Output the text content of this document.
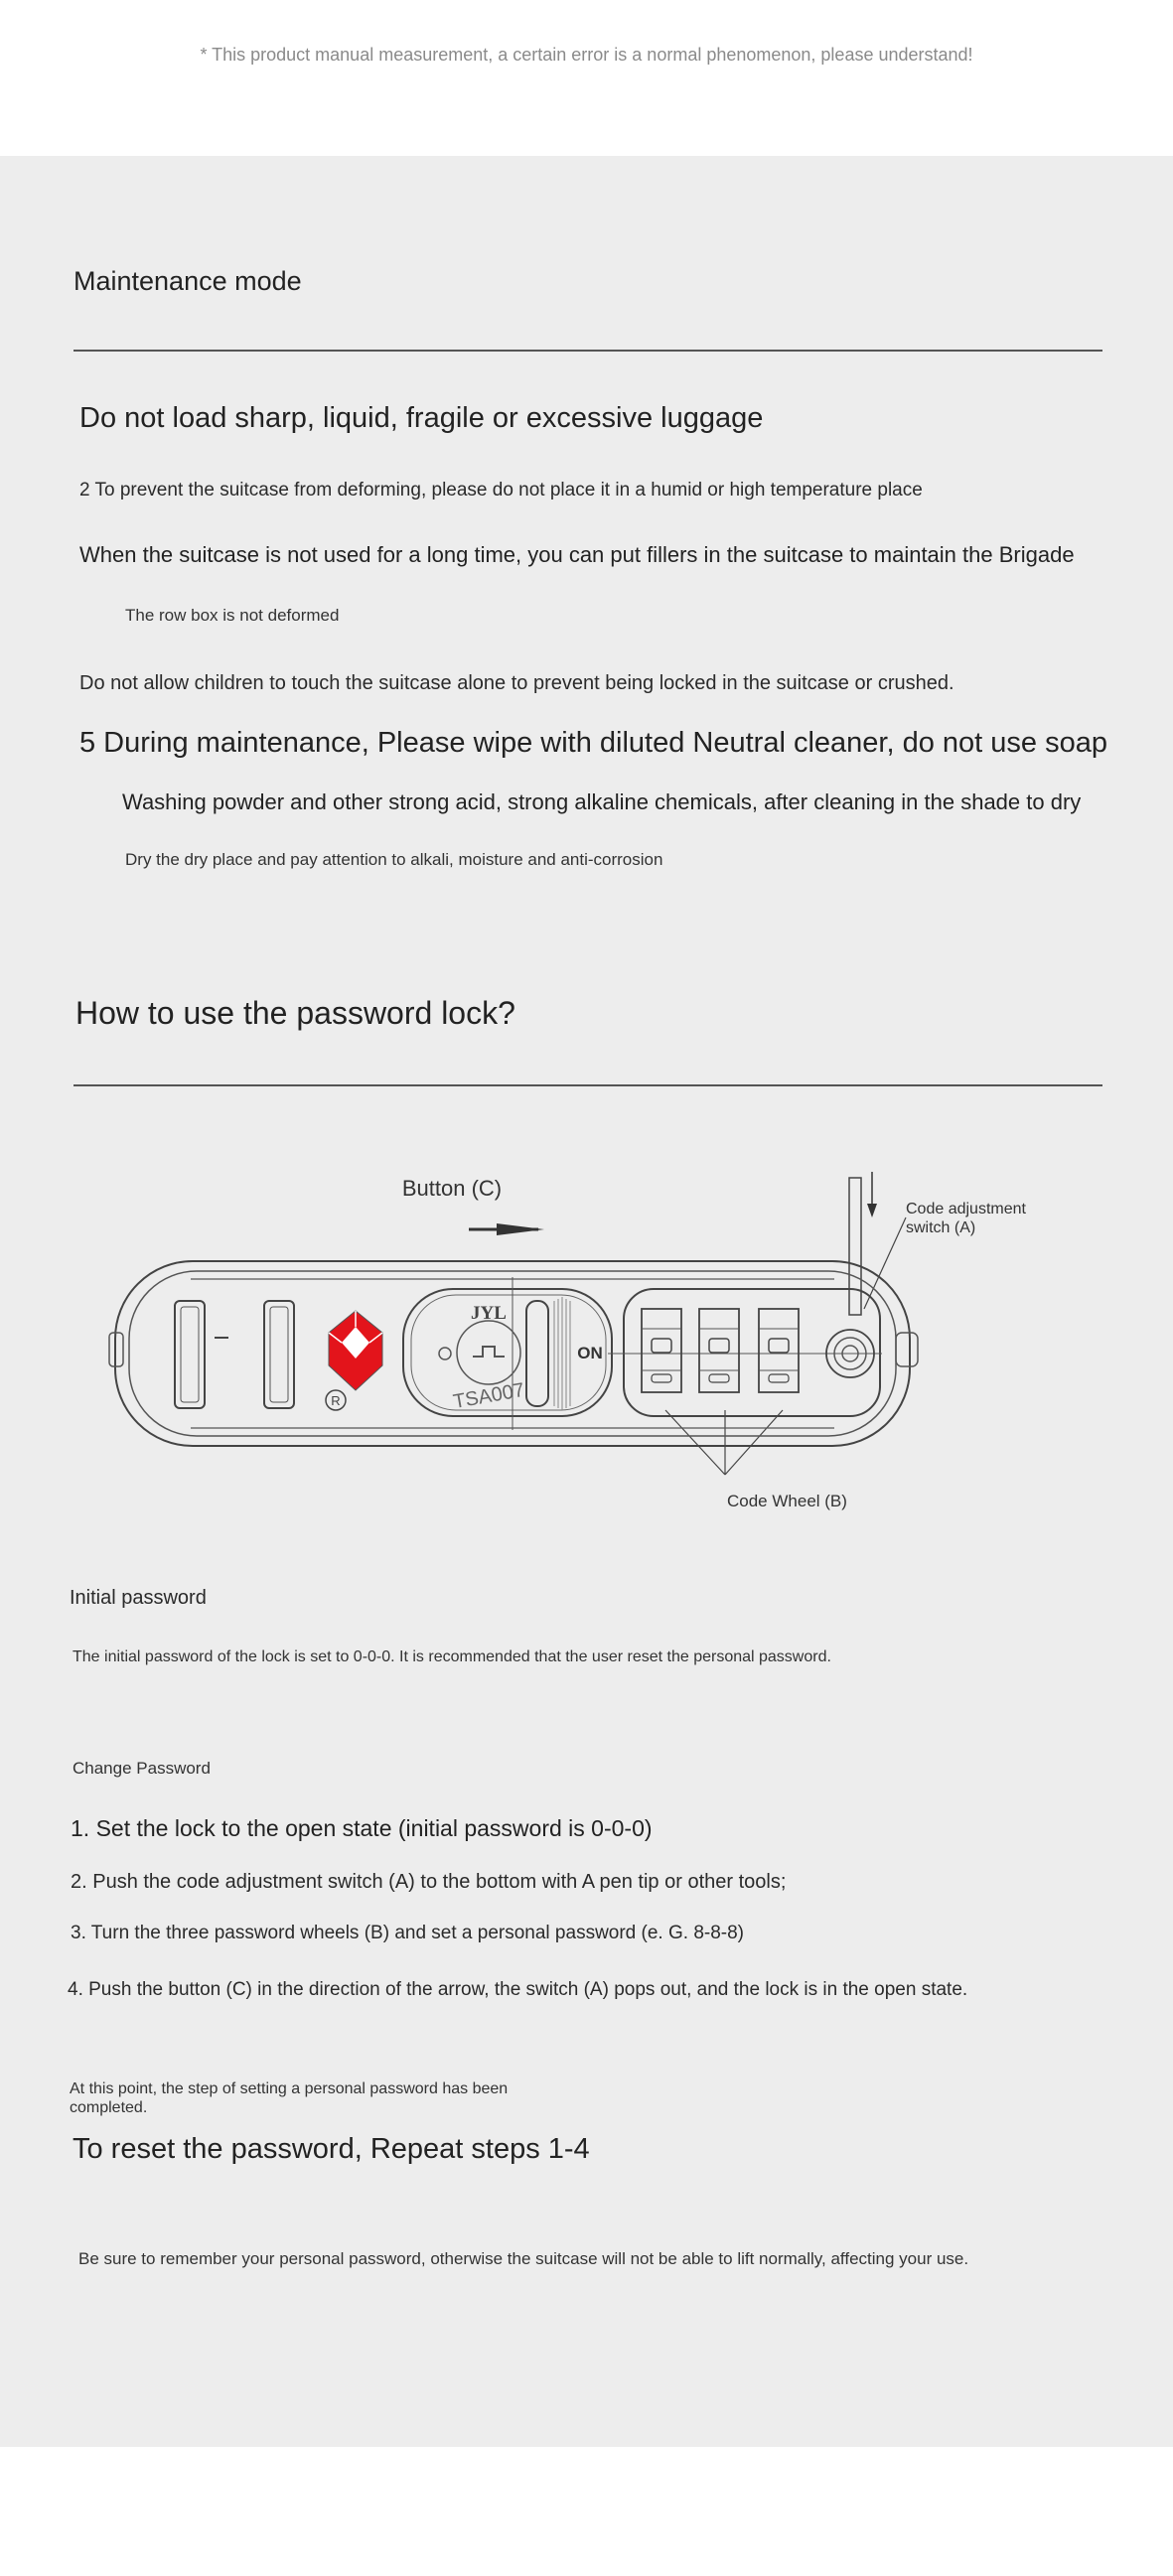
* This product manual measurement, a certain error is a normal phenomenon, please understand!
Maintenance mode
Do not load sharp, liquid, fragile or excessive luggage
2 To prevent the suitcase from deforming, please do not place it in a humid or high temperature place
When the suitcase is not used for a long time, you can put fillers in the suitcase to maintain the Brigade
The row box is not deformed
Do not allow children to touch the suitcase alone to prevent being locked in the suitcase or crushed.
5 During maintenance, Please wipe with diluted Neutral cleaner, do not use soap
Washing powder and other strong acid, strong alkaline chemicals, after cleaning in the shade to dry
Dry the dry place and pay attention to alkali, moisture and anti-corrosion
How to use the password lock?
Button (C)
Code adjustment
switch (A)
Code Wheel (B)
R
JYL
TSA007
ON
Initial password
The initial password of the lock is set to 0-0-0. It is recommended that the user reset the personal password.
Change Password
1. Set the lock to the open state (initial password is 0-0-0)
2. Push the code adjustment switch (A) to the bottom with A pen tip or other tools;
3. Turn the three password wheels (B) and set a personal password (e. G. 8-8-8)
4. Push the button (C) in the direction of the arrow, the switch (A) pops out, and the lock is in the open state.
At this point, the step of setting a personal password has been
completed.
To reset the password, Repeat steps 1-4
Be sure to remember your personal password, otherwise the suitcase will not be able to lift normally, affecting your use.
